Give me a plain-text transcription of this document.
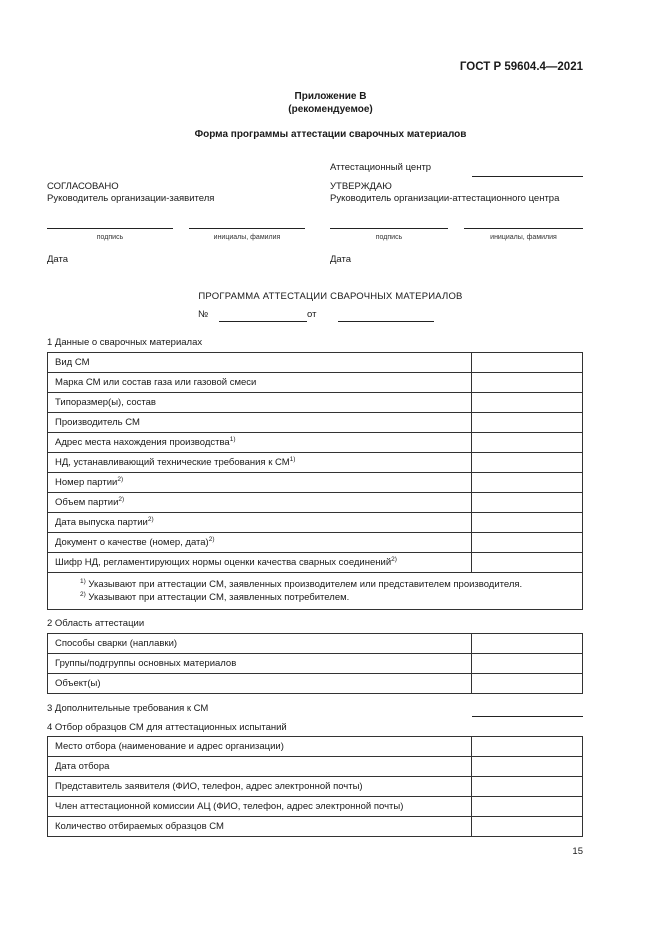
ГОСТ Р 59604.4—2021
Приложение В
(рекомендуемое)
Форма программы аттестации сварочных материалов
Аттестационный центр
СОГЛАСОВАНО
Руководитель организации-заявителя
подпись	инициалы, фамилия
Дата
УТВЕРЖДАЮ
Руководитель организации-аттестационного центра
подпись	инициалы, фамилия
Дата
ПРОГРАММА АТТЕСТАЦИИ СВАРОЧНЫХ МАТЕРИАЛОВ
№	от
1 Данные о сварочных материалах
Вид СМ	
Марка СМ или состав газа или газовой смеси	
Типоразмер(ы), состав	
Производитель СМ	
Адрес места нахождения производства$^{1)}$	
НД, устанавливающий технические требования к СМ$^{1)}$	
Номер партии$^{2)}$	
Объем партии$^{2)}$	
Дата выпуска партии$^{2)}$	
Документ о качестве (номер, дата)$^{2)}$	
Шифр НД, регламентирующих нормы оценки качества сварных соединений$^{2)}$	

$^{1)}$ Указывают при аттестации СМ, заявленных производителем или представителем производителя.
$^{2)}$ Указывают при аттестации СМ, заявленных потребителем.	
2 Область аттестации
Способы сварки (наплавки)	
Группы/подгруппы основных материалов	
Объект(ы)	
3 Дополнительные требования к СМ
4 Отбор образцов СМ для аттестационных испытаний
Место отбора (наименование и адрес организации)	
Дата отбора	
Представитель заявителя (ФИО, телефон, адрес электронной почты)	
Член аттестационной комиссии АЦ (ФИО, телефон, адрес электронной почты)	
Количество отбираемых образцов СМ	
15
